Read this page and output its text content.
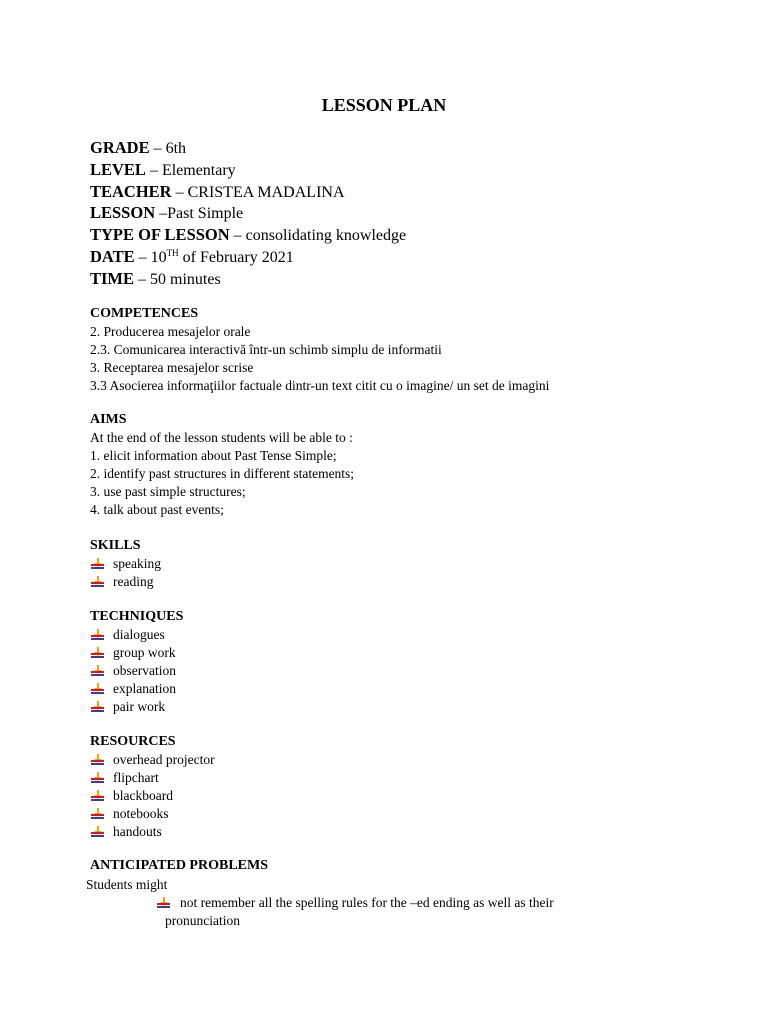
LESSON PLAN
GRADE – 6th
LEVEL – Elementary
TEACHER – CRISTEA MADALINA
LESSON –Past Simple
TYPE OF LESSON – consolidating knowledge
DATE – 10TH of February 2021
TIME – 50 minutes
COMPETENCES
2. Producerea mesajelor orale
2.3. Comunicarea interactivă într-un schimb simplu de informatii
3. Receptarea mesajelor scrise
3.3 Asocierea informaţiilor factuale dintr-un text citit cu o imagine/ un set de imagini
AIMS
At the end of the lesson students will be able to :
1. elicit information about Past Tense Simple;
2. identify past structures in different statements;
3. use past simple structures;
4. talk about past events;
SKILLS
speaking
reading
TECHNIQUES
dialogues
group work
observation
explanation
pair work
RESOURCES
overhead projector
flipchart
blackboard
notebooks
handouts
ANTICIPATED PROBLEMS
Students might
not remember all the spelling rules for the –ed ending as well as their
pronunciation
